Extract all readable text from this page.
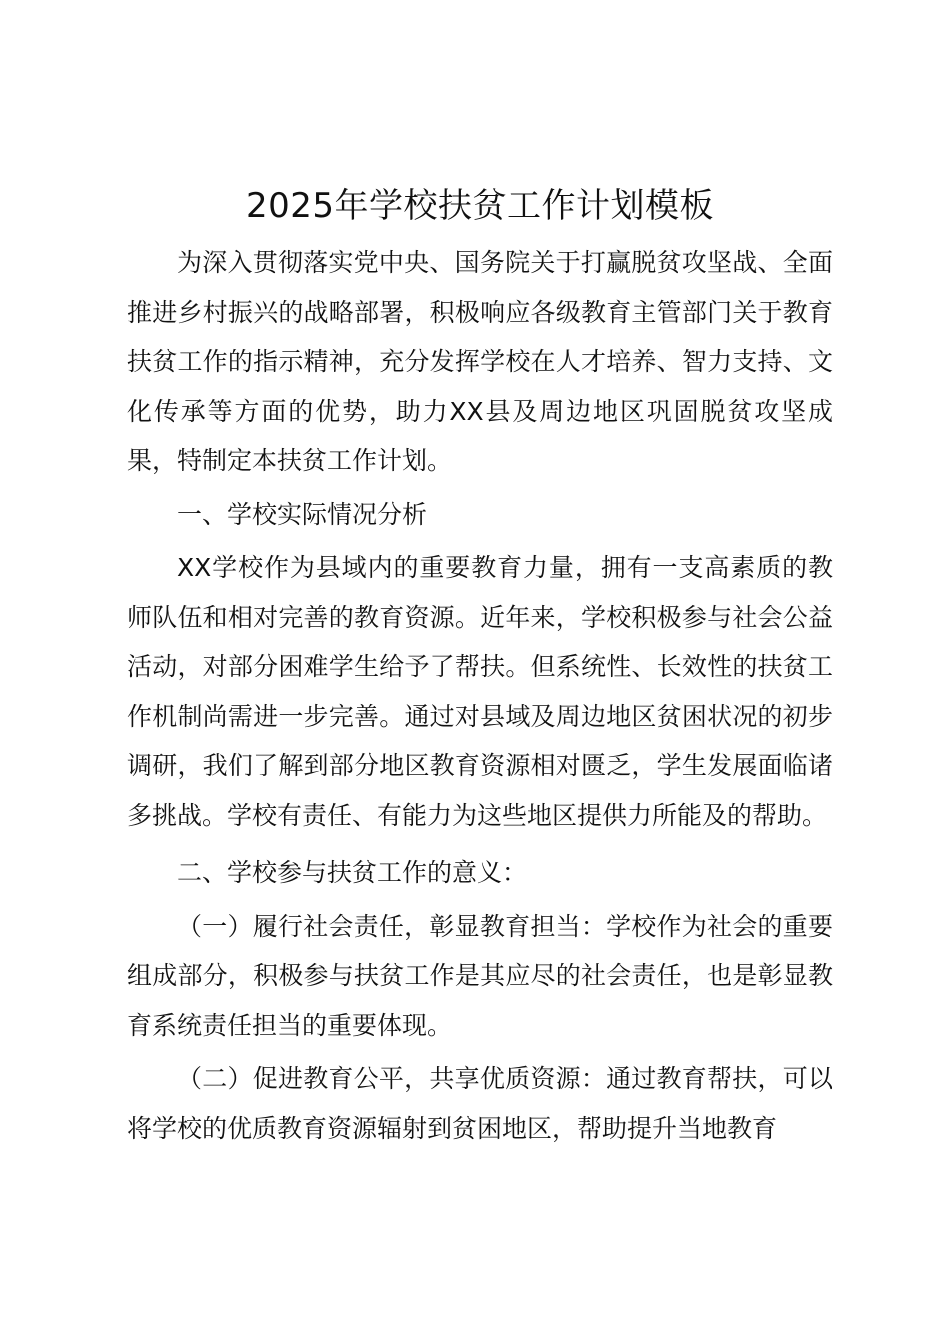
2025年学校扶贫工作计划模板

为深入贯彻落实党中央、国务院关于打赢脱贫攻坚战、全面推进乡村振兴的战略部署，积极响应各级教育主管部门关于教育扶贫工作的指示精神，充分发挥学校在人才培养、智力支持、文化传承等方面的优势，助力XX县及周边地区巩固脱贫攻坚成果，特制定本扶贫工作计划。

一、学校实际情况分析

XX学校作为县域内的重要教育力量，拥有一支高素质的教师队伍和相对完善的教育资源。近年来，学校积极参与社会公益活动，对部分困难学生给予了帮扶。但系统性、长效性的扶贫工作机制尚需进一步完善。通过对县域及周边地区贫困状况的初步调研，我们了解到部分地区教育资源相对匮乏，学生发展面临诸多挑战。学校有责任、有能力为这些地区提供力所能及的帮助。

二、学校参与扶贫工作的意义：

（一）履行社会责任，彰显教育担当：学校作为社会的重要组成部分，积极参与扶贫工作是其应尽的社会责任，也是彰显教育系统责任担当的重要体现。

（二）促进教育公平，共享优质资源：通过教育帮扶，可以将学校的优质教育资源辐射到贫困地区，帮助提升当地教育
